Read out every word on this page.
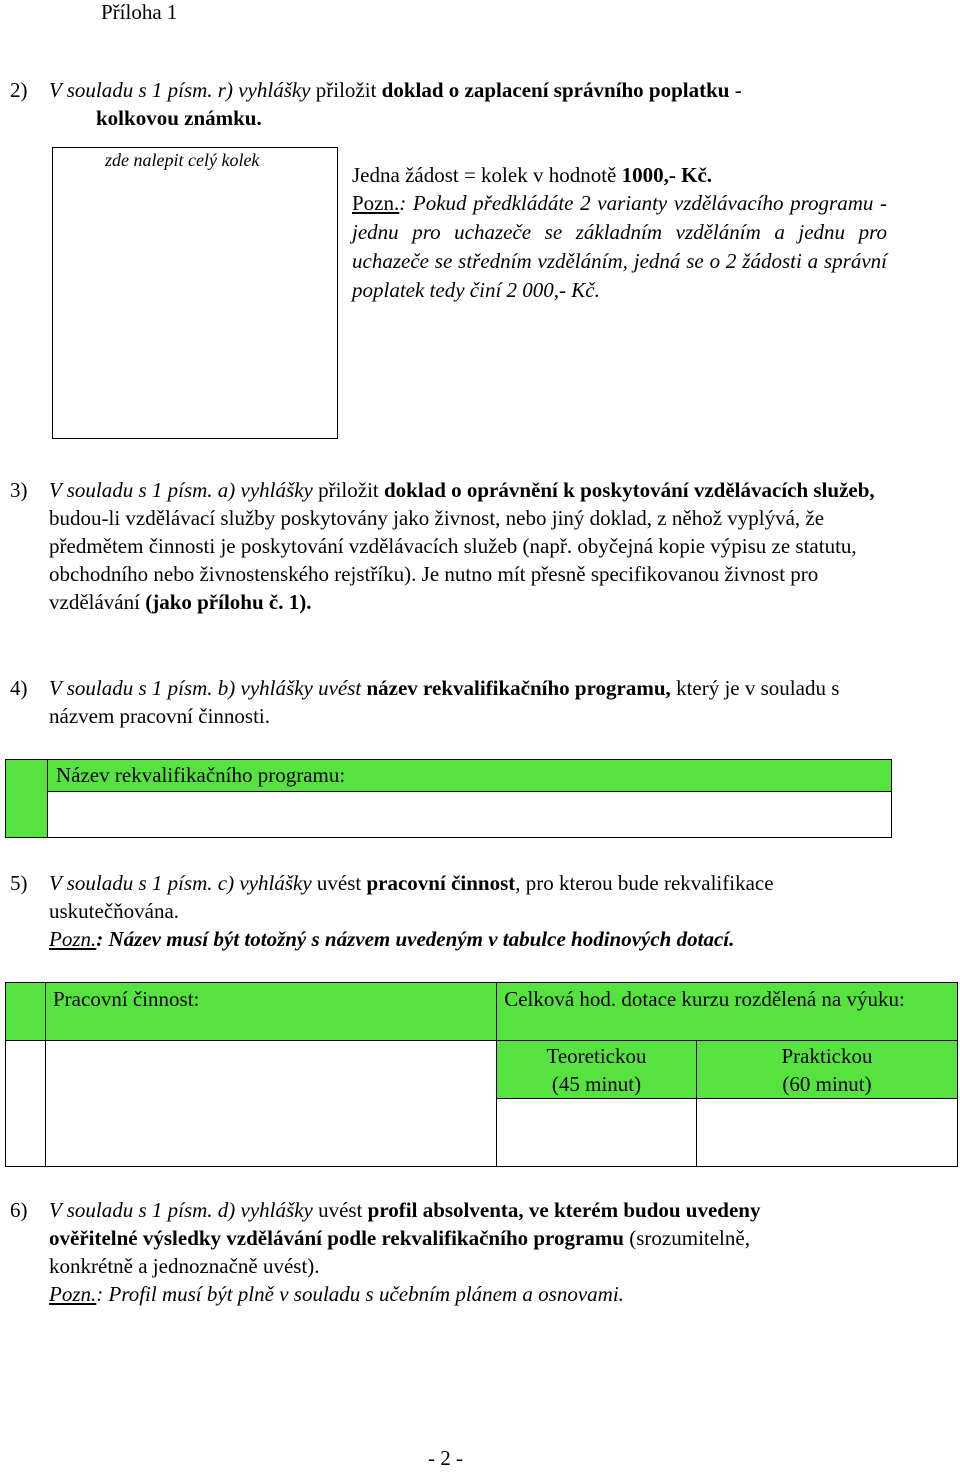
Příloha 1
2) V souladu s 1 písm. r) vyhlášky přiložit doklad o zaplacení správního poplatku -
kolkovou známku.
zde nalepit celý kolek
Jedna žádost = kolek v hodnotě 1000,- Kč.
Pozn.: Pokud předkládáte 2 varianty vzdělávacího programu - jednu pro uchazeče se základním vzděláním a jednu pro uchazeče se středním vzděláním, jedná se o 2 žádosti a správní poplatek tedy činí 2 000,- Kč.
3) V souladu s 1 písm. a) vyhlášky přiložit doklad o oprávnění k poskytování vzdělávacích služeb, budou-li vzdělávací služby poskytovány jako živnost, nebo jiný doklad, z něhož vyplývá, že předmětem činnosti je poskytování vzdělávacích služeb (např. obyčejná kopie výpisu ze statutu, obchodního nebo živnostenského rejstříku). Je nutno mít přesně specifikovanou živnost pro vzdělávání (jako přílohu č. 1).
4) V souladu s 1 písm. b) vyhlášky uvést název rekvalifikačního programu, který je v souladu s názvem pracovní činnosti.
Název rekvalifikačního programu:
5) V souladu s 1 písm. c) vyhlášky uvést pracovní činnost, pro kterou bude rekvalifikace uskutečňována.
Pozn.: Název musí být totožný s názvem uvedeným v tabulce hodinových dotací.
Pracovní činnost:	Celková hod. dotace kurzu rozdělená na výuku:
Teoretickou
(45 minut)
Praktickou
(60 minut)
6) V souladu s 1 písm. d) vyhlášky uvést profil absolventa, ve kterém budou uvedeny ověřitelné výsledky vzdělávání podle rekvalifikačního programu (srozumitelně, konkrétně a jednoznačně uvést).
Pozn.: Profil musí být plně v souladu s učebním plánem a osnovami.
- 2 -
